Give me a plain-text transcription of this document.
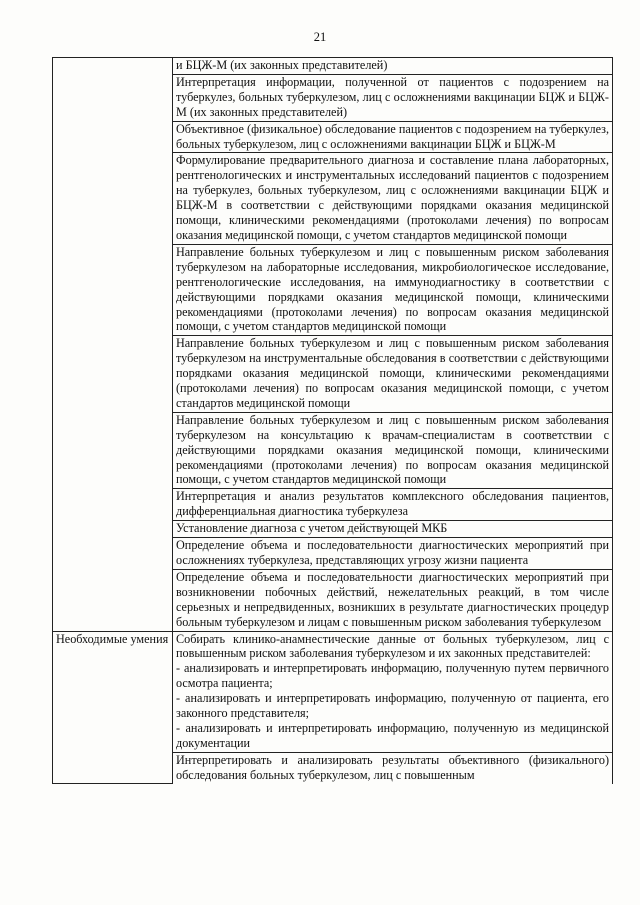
21
	и БЦЖ-М (их законных представителей)
	Интерпретация информации, полученной от пациентов с подозрением на туберкулез, больных туберкулезом, лиц с осложнениями вакцинации БЦЖ и БЦЖ-М (их законных представителей)
	Объективное (физикальное) обследование пациентов с подозрением на туберкулез, больных туберкулезом, лиц с осложнениями вакцинации БЦЖ и БЦЖ-М
	Формулирование предварительного диагноза и составление плана лабораторных, рентгенологических и инструментальных исследований пациентов с подозрением на туберкулез, больных туберкулезом, лиц с осложнениями вакцинации БЦЖ и БЦЖ-М в соответствии с действующими порядками оказания медицинской помощи, клиническими рекомендациями (протоколами лечения) по вопросам оказания медицинской помощи, с учетом стандартов медицинской помощи
	Направление больных туберкулезом и лиц с повышенным риском заболевания туберкулезом на лабораторные исследования, микробиологическое исследование, рентгенологические исследования, на иммунодиагностику в соответствии с действующими порядками оказания медицинской помощи, клиническими рекомендациями (протоколами лечения) по вопросам оказания медицинской помощи, с учетом стандартов медицинской помощи
	Направление больных туберкулезом и лиц с повышенным риском заболевания туберкулезом на инструментальные обследования в соответствии с действующими порядками оказания медицинской помощи, клиническими рекомендациями (протоколами лечения) по вопросам оказания медицинской помощи, с учетом стандартов медицинской помощи
	Направление больных туберкулезом и лиц с повышенным риском заболевания туберкулезом на консультацию к врачам-специалистам в соответствии с действующими порядками оказания медицинской помощи, клиническими рекомендациями (протоколами лечения) по вопросам оказания медицинской помощи, с учетом стандартов медицинской помощи
	Интерпретация и анализ результатов комплексного обследования пациентов, дифференциальная диагностика туберкулеза
	Установление диагноза с учетом действующей МКБ
	Определение объема и последовательности диагностических мероприятий при осложнениях туберкулеза, представляющих угрозу жизни пациента
	Определение объема и последовательности диагностических мероприятий при возникновении побочных действий, нежелательных реакций, в том числе серьезных и непредвиденных, возникших в результате диагностических процедур больным туберкулезом и лицам с повышенным риском заболевания туберкулезом
Необходимые умения	Собирать клинико-анамнестические данные от больных туберкулезом, лиц с повышенным риском заболевания туберкулезом и их законных представителей:
- анализировать и интерпретировать информацию, полученную путем первичного осмотра пациента;
- анализировать и интерпретировать информацию, полученную от пациента, его законного представителя;
- анализировать и интерпретировать информацию, полученную из медицинской документации

	Интерпретировать и анализировать результаты объективного (физикального) обследования больных туберкулезом, лиц с повышенным
